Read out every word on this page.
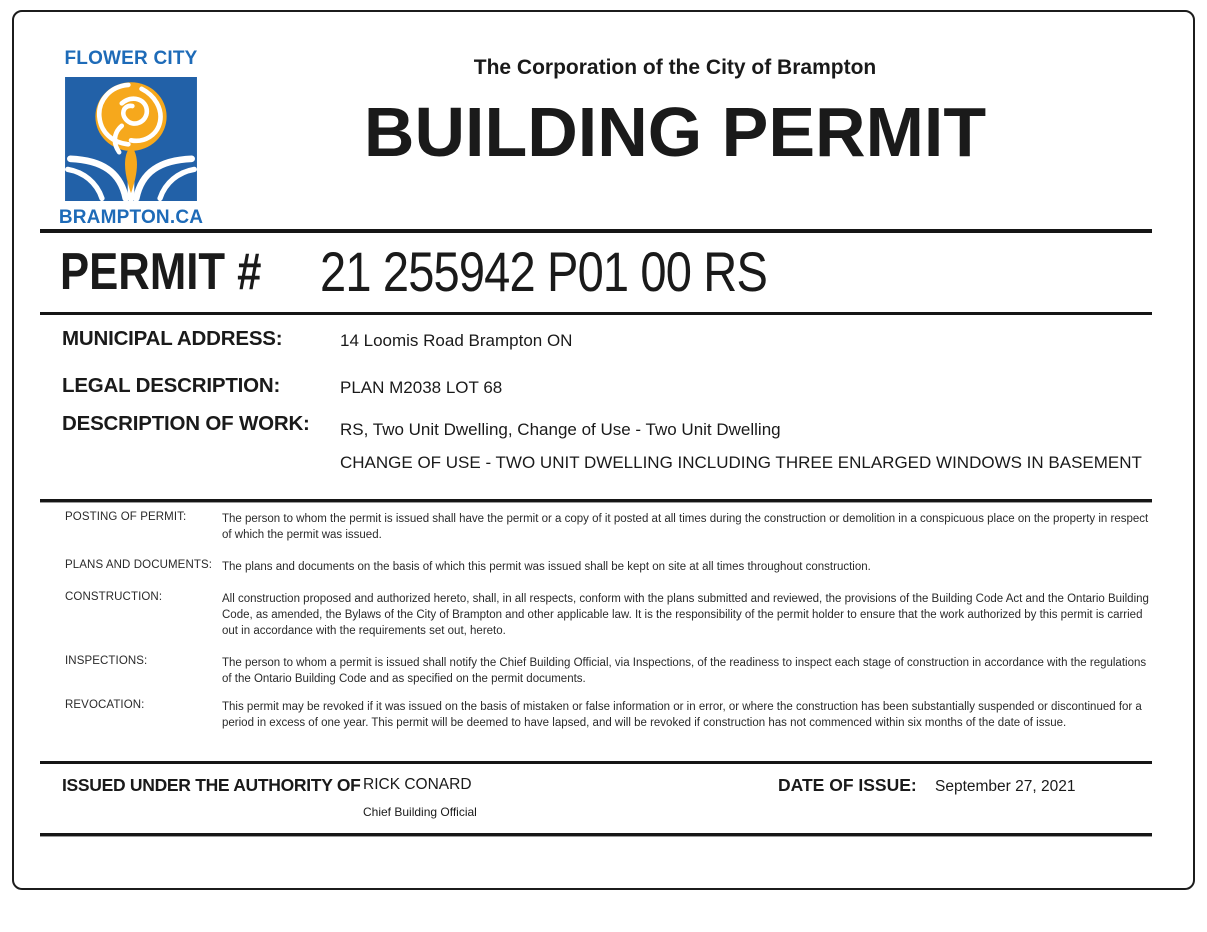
FLOWER CITY
BRAMPTON.CA
The Corporation of the City of Brampton
BUILDING PERMIT
PERMIT # 21 255942 P01 00 RS
MUNICIPAL ADDRESS:	14 Loomis Road Brampton ON
LEGAL DESCRIPTION:	PLAN M2038 LOT 68
DESCRIPTION OF WORK: RS, Two Unit Dwelling, Change of Use - Two Unit Dwelling
CHANGE OF USE - TWO UNIT DWELLING INCLUDING THREE ENLARGED WINDOWS IN BASEMENT
POSTING OF PERMIT:	The person to whom the permit is issued shall have the permit or a copy of it posted at all times during the construction or demolition in a conspicuous place on the property in respect of which the permit was issued.
PLANS AND DOCUMENTS: The plans and documents on the basis of which this permit was issued shall be kept on site at all times throughout construction.
CONSTRUCTION:	All construction proposed and authorized hereto, shall, in all respects, conform with the plans submitted and reviewed, the provisions of the Building Code Act and the Ontario Building Code, as amended, the Bylaws of the City of Brampton and other applicable law. It is the responsibility of the permit holder to ensure that the work authorized by this permit is carried out in accordance with the requirements set out, hereto.
INSPECTIONS:	The person to whom a permit is issued shall notify the Chief Building Official, via Inspections, of the readiness to inspect each stage of construction in accordance with the regulations of the Ontario Building Code and as specified on the permit documents.
REVOCATION:	This permit may be revoked if it was issued on the basis of mistaken or false information or in error, or where the construction has been substantially suspended or discontinued for a period in excess of one year. This permit will be deemed to have lapsed, and will be revoked if construction has not commenced within six months of the date of issue.
ISSUED UNDER THE AUTHORITY OF RICK CONARD
Chief Building Official
DATE OF ISSUE: September 27, 2021
